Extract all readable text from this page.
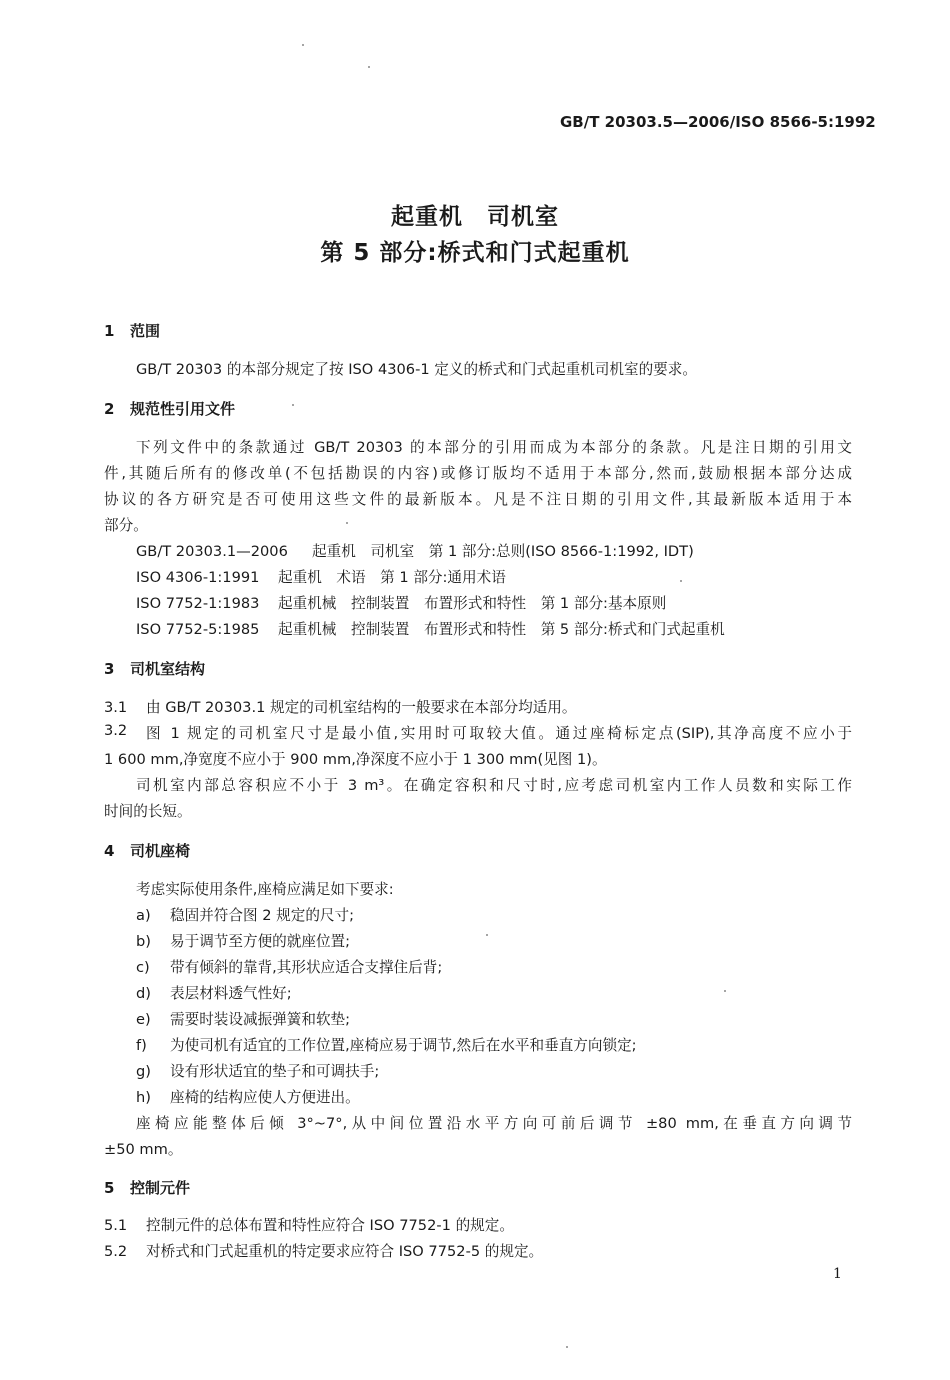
GB/T 20303.5—2006/ISO 8566-5:1992
起重机　司机室
第 5 部分:桥式和门式起重机
1 范围
GB/T 20303 的本部分规定了按 ISO 4306-1 定义的桥式和门式起重机司机室的要求。
2 规范性引用文件
下列文件中的条款通过 GB/T 20303 的本部分的引用而成为本部分的条款。凡是注日期的引用文
件,其随后所有的修改单(不包括勘误的内容)或修订版均不适用于本部分,然而,鼓励根据本部分达成
协议的各方研究是否可使用这些文件的最新版本。凡是不注日期的引用文件,其最新版本适用于本
部分。
GB/T 20303.1—2006 起重机　司机室　第 1 部分:总则(ISO 8566-1:1992, IDT)
ISO 4306-1:1991 起重机　术语　第 1 部分:通用术语
ISO 7752-1:1983 起重机械　控制装置　布置形式和特性　第 1 部分:基本原则
ISO 7752-5:1985 起重机械　控制装置　布置形式和特性　第 5 部分:桥式和门式起重机
3 司机室结构
3.1 由 GB/T 20303.1 规定的司机室结构的一般要求在本部分均适用。
3.2	图 1 规定的司机室尺寸是最小值,实用时可取较大值。通过座椅标定点(SIP),其净高度不应小于
1 600 mm,净宽度不应小于 900 mm,净深度不应小于 1 300 mm(见图 1)。
司机室内部总容积应不小于 3 m³。在确定容积和尺寸时,应考虑司机室内工作人员数和实际工作
时间的长短。
4 司机座椅
考虑实际使用条件,座椅应满足如下要求:
a) 稳固并符合图 2 规定的尺寸;
b) 易于调节至方便的就座位置;
c) 带有倾斜的靠背,其形状应适合支撑住后背;
d) 表层材料透气性好;
e) 需要时装设减振弹簧和软垫;
f) 为使司机有适宜的工作位置,座椅应易于调节,然后在水平和垂直方向锁定;
g) 设有形状适宜的垫子和可调扶手;
h) 座椅的结构应使人方便进出。
座椅应能整体后倾 3°~7°,从中间位置沿水平方向可前后调节 ±80 mm,在垂直方向调节
±50 mm。
5 控制元件
5.1 控制元件的总体布置和特性应符合 ISO 7752-1 的规定。
5.2 对桥式和门式起重机的特定要求应符合 ISO 7752-5 的规定。
1
